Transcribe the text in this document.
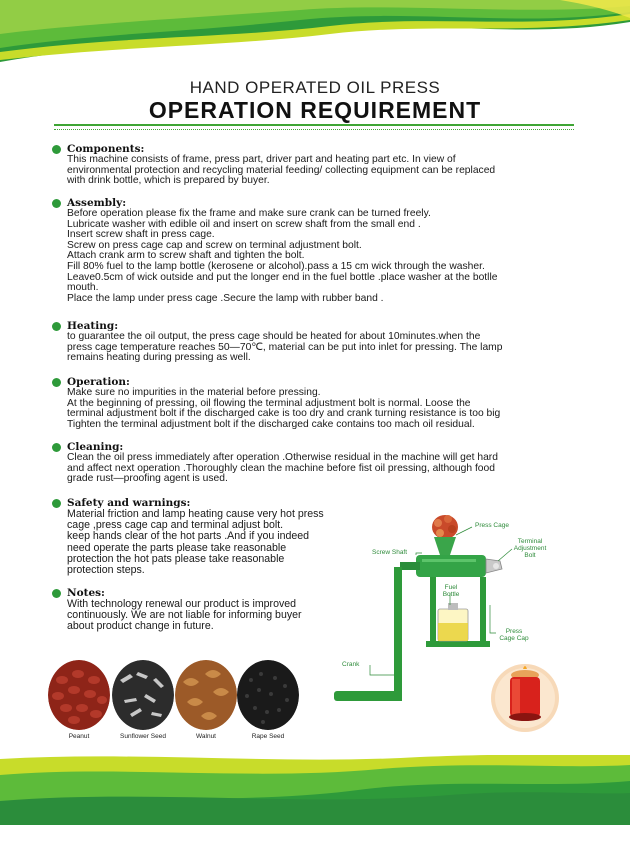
HAND OPERATED OIL PRESS
OPERATION REQUIREMENT
Components:

This machine consists of frame, press part, driver part and heating part etc. In view of

environmental protection and recycling material feeding/ collecting equipment can be replaced

with drink bottle, which is prepared by buyer.

Assembly:

Before operation please fix the frame and make sure crank can be turned freely.

Lubricate washer with edible oil and insert on screw shaft from the small end .

Insert screw shaft in press cage.

Screw on press cage cap and screw on terminal adjustment bolt.

Attach crank arm to screw shaft and tighten the bolt.

Fill 80% fuel to the lamp bottle (kerosene or alcohol).pass a 15 cm wick through the washer.

Leave0.5cm of wick outside and put the longer end in the fuel bottle .place washer at the botlle

mouth.

Place the lamp under press cage .Secure the lamp with rubber band .

Heating:

to guarantee the oil output, the press cage should be heated for about 10minutes.when the

press cage temperature reaches 50—70℃, material can be put into inlet for pressing. The lamp

remains heating during pressing as well.

Operation:

Make sure no impurities in the material before pressing.

At the beginning of pressing, oil flowing the terminal adjustment bolt is normal. Loose the

terminal adjustment bolt if the discharged cake is too dry and crank turning resistance is too big

Tighten the terminal adjustment bolt if the discharged cake contains too mach oil residual.

Cleaning:

Clean the oil press immediately after operation .Otherwise residual in the machine will get hard

and affect next operation .Thoroughly clean the machine before fist oil pressing, although food

grade rust—proofing agent is used.

Safety and warnings:

Material friction and lamp heating cause very hot press

cage ,press cage cap and terminal adjust bolt.

keep hands clear of the hot parts .And if you indeed

need operate the parts please take reasonable

protection the hot pats please take reasonable

protection steps.

Notes:

With technology renewal our product is improved

continuously. We are not liable for informing buyer

about product change in future.

Press Cage
Screw Shaft
Terminal Adjustment Bolt
Fuel Bottle
Press Cage Cap
Crank
Peanut	Sunflower Seed	Walnut	Rape Seed
